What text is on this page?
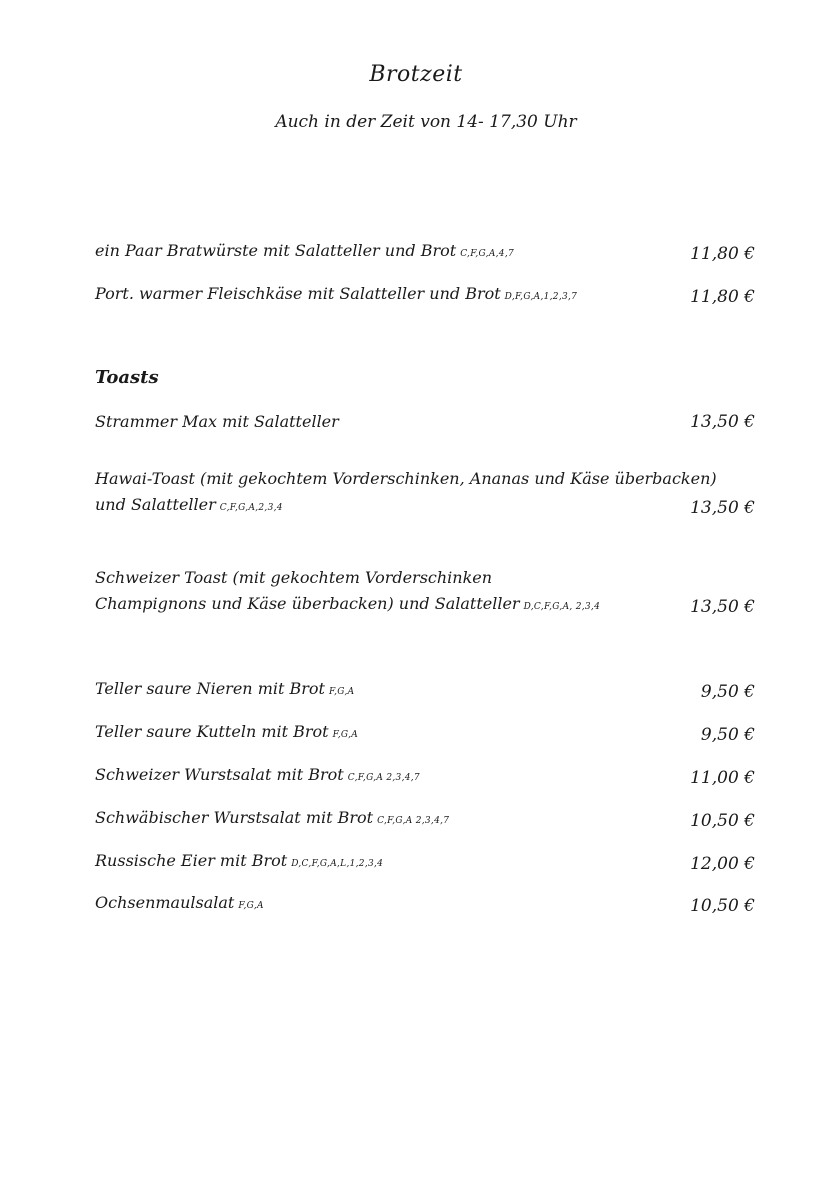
Brotzeit
Auch in der Zeit von 14- 17,30 Uhr
ein Paar Bratwürste mit Salatteller und Brot C,F,G,A,4,7	11,80 €
Port. warmer Fleischkäse mit Salatteller und Brot D,F,G,A,1,2,3,7	11,80 €
Toasts
Strammer Max mit Salatteller	13,50 €
Hawai-Toast (mit gekochtem Vorderschinken, Ananas und Käse überbacken)
und Salatteller C,F,G,A,2,3,4	13,50 €
Schweizer Toast (mit gekochtem Vorderschinken
Champignons und Käse überbacken) und Salatteller D,C,F,G,A, 2,3,4	13,50 €
Teller saure Nieren mit Brot F,G,A	9,50 €
Teller saure Kutteln mit Brot F,G,A	9,50 €
Schweizer Wurstsalat mit Brot C,F,G,A 2,3,4,7	11,00 €
Schwäbischer Wurstsalat mit Brot C,F,G,A 2,3,4,7	10,50 €
Russische Eier mit Brot D,C,F,G,A,L,1,2,3,4	12,00 €
Ochsenmaulsalat F,G,A	10,50 €
